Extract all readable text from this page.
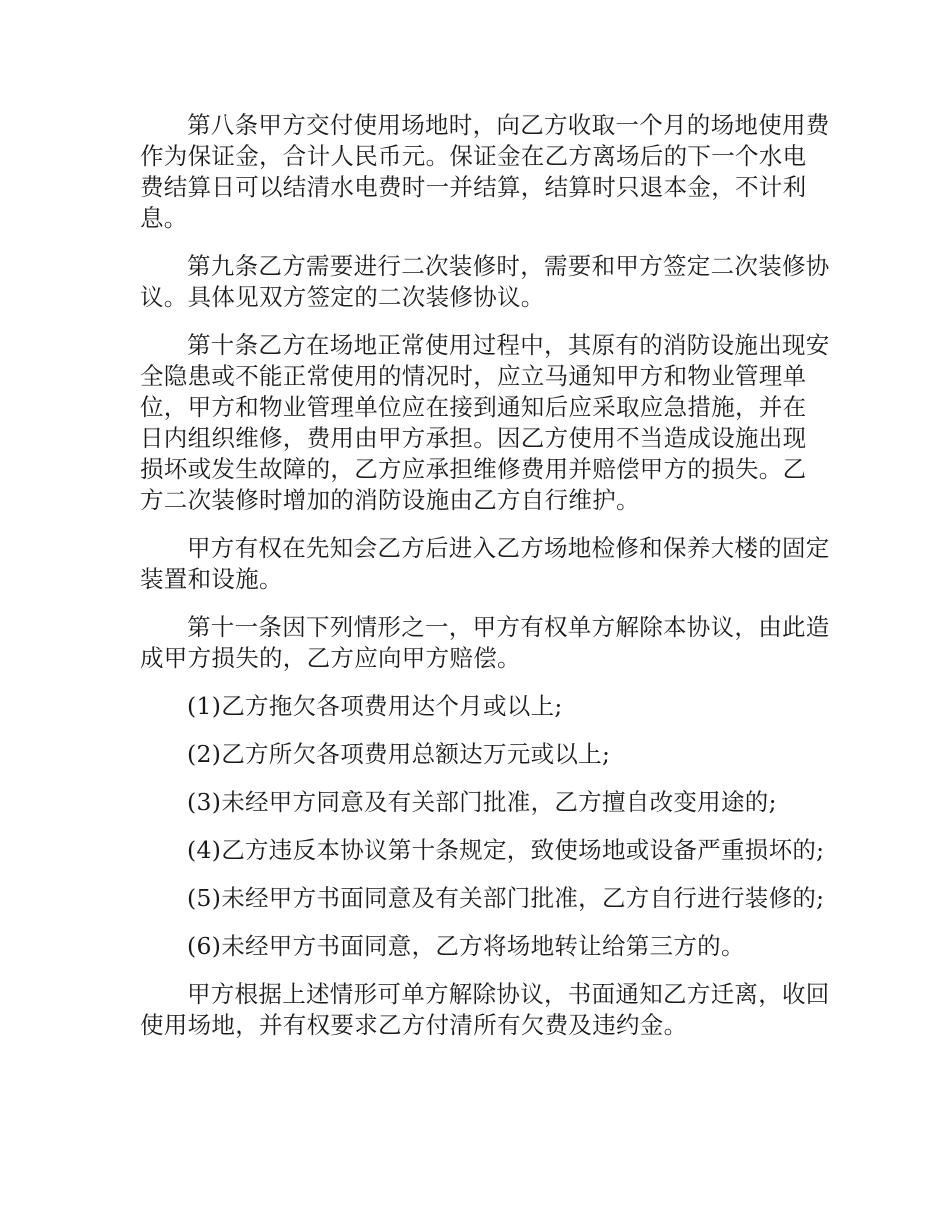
第八条甲方交付使用场地时，向乙方收取一个月的场地使用费作为保证金，合计人民币元。保证金在乙方离场后的下一个水电费结算日可以结清水电费时一并结算，结算时只退本金，不计利息。

第九条乙方需要进行二次装修时，需要和甲方签定二次装修协议。具体见双方签定的二次装修协议。

第十条乙方在场地正常使用过程中，其原有的消防设施出现安全隐患或不能正常使用的情况时，应立马通知甲方和物业管理单位，甲方和物业管理单位应在接到通知后应采取应急措施，并在日内组织维修，费用由甲方承担。因乙方使用不当造成设施出现损坏或发生故障的，乙方应承担维修费用并赔偿甲方的损失。乙方二次装修时增加的消防设施由乙方自行维护。

甲方有权在先知会乙方后进入乙方场地检修和保养大楼的固定装置和设施。

第十一条因下列情形之一，甲方有权单方解除本协议，由此造成甲方损失的，乙方应向甲方赔偿。

(1)乙方拖欠各项费用达个月或以上;

(2)乙方所欠各项费用总额达万元或以上;

(3)未经甲方同意及有关部门批准，乙方擅自改变用途的;

(4)乙方违反本协议第十条规定，致使场地或设备严重损坏的;

(5)未经甲方书面同意及有关部门批准，乙方自行进行装修的;

(6)未经甲方书面同意，乙方将场地转让给第三方的。

甲方根据上述情形可单方解除协议，书面通知乙方迁离，收回使用场地，并有权要求乙方付清所有欠费及违约金。
